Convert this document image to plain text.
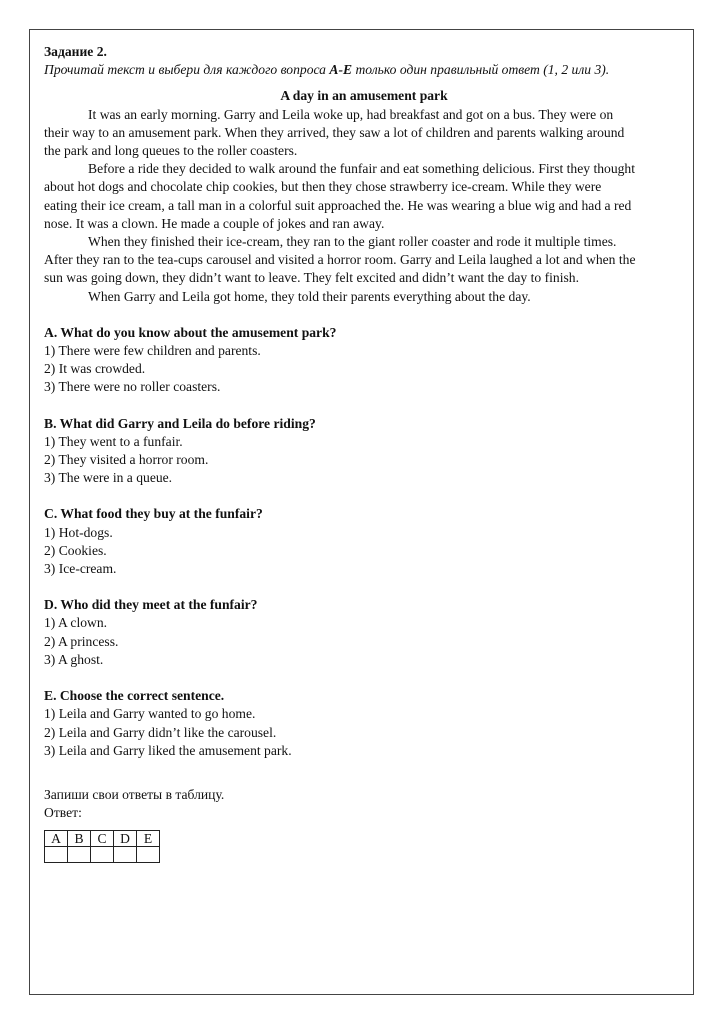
Задание 2.
Прочитай текст и выбери для каждого вопроса A-E только один правильный ответ (1, 2 или 3).
A day in an amusement park
It was an early morning. Garry and Leila woke up, had breakfast and got on a bus. They were on
their way to an amusement park. When they arrived, they saw a lot of children and parents walking around
the park and long queues to the roller coasters.
Before a ride they decided to walk around the funfair and eat something delicious. First they thought
about hot dogs and chocolate chip cookies, but then they chose strawberry ice-cream. While they were
eating their ice cream, a tall man in a colorful suit approached the. He was wearing a blue wig and had a red
nose. It was a clown. He made a couple of jokes and ran away.
When they finished their ice-cream, they ran to the giant roller coaster and rode it multiple times.
After they ran to the tea-cups carousel and visited a horror room. Garry and Leila laughed a lot and when the
sun was going down, they didn’t want to leave. They felt excited and didn’t want the day to finish.
When Garry and Leila got home, they told their parents everything about the day.
A. What do you know about the amusement park?
1) There were few children and parents.
2) It was crowded.
3) There were no roller coasters.
B. What did Garry and Leila do before riding?
1) They went to a funfair.
2) They visited a horror room.
3) The were in a queue.
C. What food they buy at the funfair?
1) Hot-dogs.
2) Cookies.
3) Ice-cream.
D. Who did they meet at the funfair?
1) A clown.
2) A princess.
3) A ghost.
E. Choose the correct sentence.
1) Leila and Garry wanted to go home.
2) Leila and Garry didn’t like the carousel.
3) Leila and Garry liked the amusement park.
Запиши свои ответы в таблицу.
Ответ:
A	B	C	D	E
